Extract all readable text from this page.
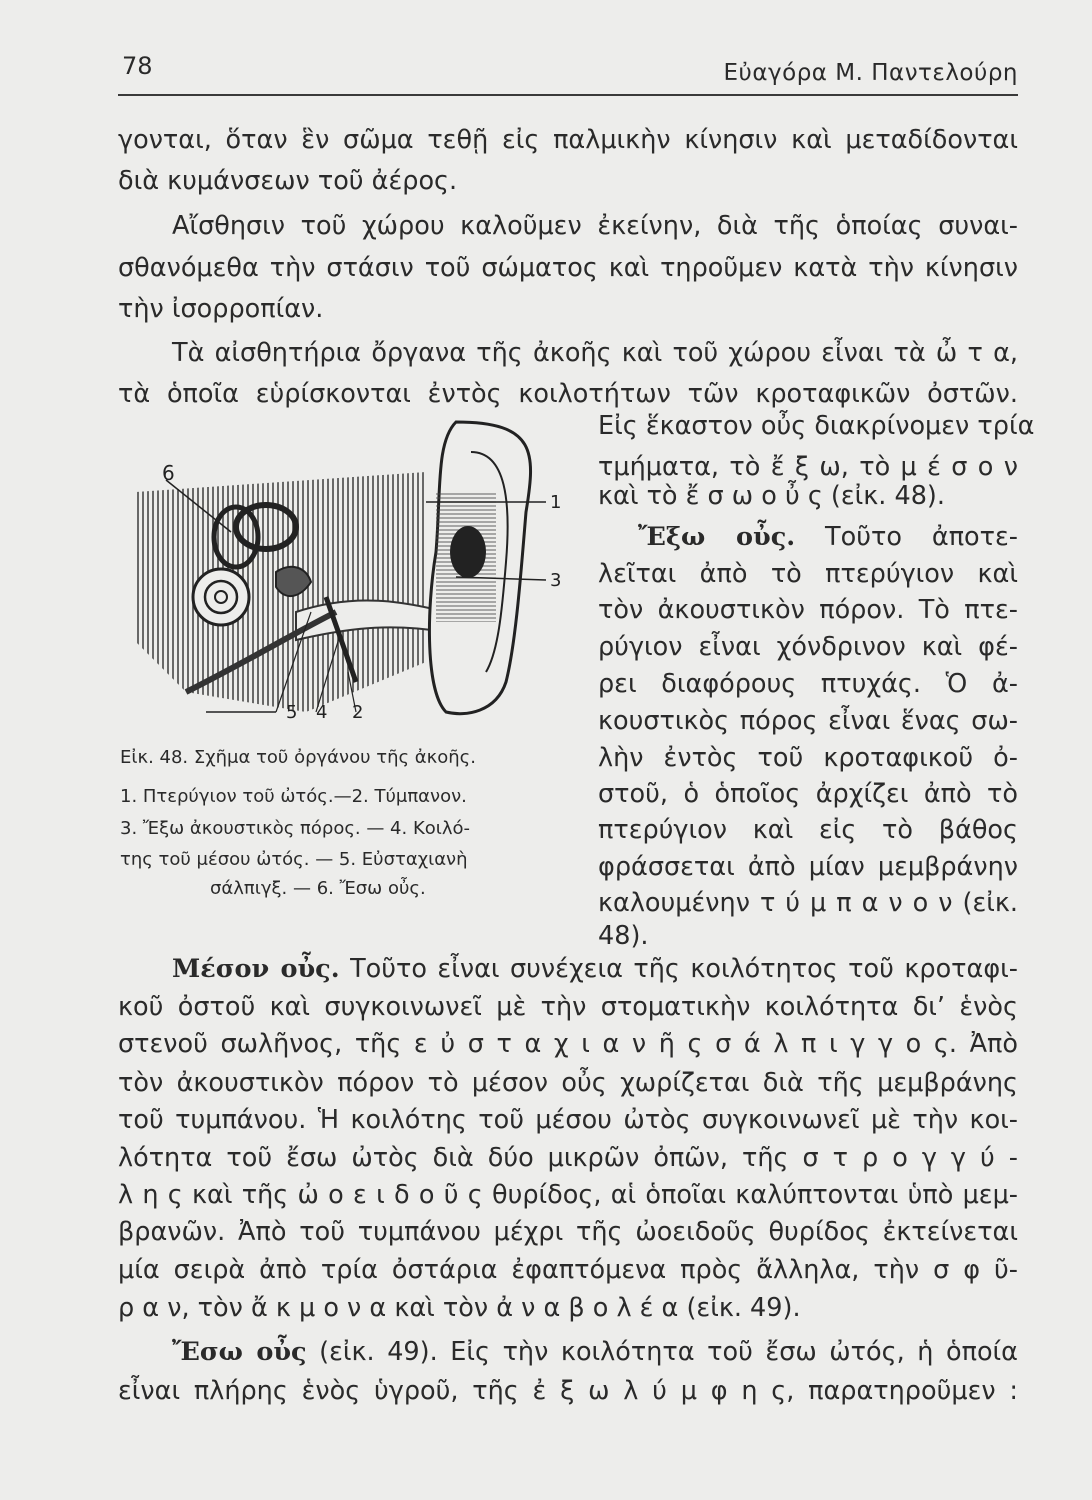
78	Εὐαγόρα Μ. Παντελούρη
γονται, ὅταν ἓν σῶμα τεθῇ εἰς παλμικὴν κίνησιν καὶ μεταδίδονται
διὰ κυμάνσεων τοῦ ἀέρος.
Αἴσθησιν τοῦ χώρου καλοῦμεν ἐκείνην, διὰ τῆς ὁποίας συναι-
σθανόμεθα τὴν στάσιν τοῦ σώματος καὶ τηροῦμεν κατὰ τὴν κίνησιν
τὴν ἰσορροπίαν.
Τὰ αἰσθητήρια ὄργανα τῆς ἀκοῆς καὶ τοῦ χώρου εἶναι τὰ ὦ τ α,
τὰ ὁποῖα εὑρίσκονται ἐντὸς κοιλοτήτων τῶν κροταφικῶν ὀστῶν.
Εἰς ἕκαστον οὖς διακρίνομεν τρία
τμήματα, τὸ ἔ ξ ω, τὸ μ έ σ ο ν
καὶ τὸ ἔ σ ω ο ὖ ς (εἰκ. 48).
Ἔξω οὖς. Τοῦτο ἀποτε-
λεῖται ἀπὸ τὸ πτερύγιον καὶ
τὸν ἀκουστικὸν πόρον. Τὸ πτε-
ρύγιον εἶναι χόνδρινον καὶ φέ-
ρει διαφόρους πτυχάς. Ὁ ἀ-
κουστικὸς πόρος εἶναι ἕνας σω-
λὴν ἐντὸς τοῦ κροταφικοῦ ὀ-
στοῦ, ὁ ὁποῖος ἀρχίζει ἀπὸ τὸ
πτερύγιον καὶ εἰς τὸ βάθος
φράσσεται ἀπὸ μίαν μεμβράνην
καλουμένην τ ύ μ π α ν ο ν (εἰκ.
48).
6
1
3
5 4 2
Εἰκ. 48. Σχῆμα τοῦ ὀργάνου τῆς ἀκοῆς.
1. Πτερύγιον τοῦ ὠτός.—2. Τύμπανον.
3. Ἔξω ἀκουστικὸς πόρος. — 4. Κοιλό-
της τοῦ μέσου ὠτός. — 5. Εὐσταχιανὴ
σάλπιγξ. — 6. Ἔσω οὖς.
Μέσον οὖς. Τοῦτο εἶναι συνέχεια τῆς κοιλότητος τοῦ κροταφι-
κοῦ ὀστοῦ καὶ συγκοινωνεῖ μὲ τὴν στοματικὴν κοιλότητα δι’ ἑνὸς
στενοῦ σωλῆνος, τῆς ε ὐ σ τ α χ ι α ν ῆ ς σ ά λ π ι γ γ ο ς. Ἀπὸ
τὸν ἀκουστικὸν πόρον τὸ μέσον οὖς χωρίζεται διὰ τῆς μεμβράνης
τοῦ τυμπάνου. Ἡ κοιλότης τοῦ μέσου ὠτὸς συγκοινωνεῖ μὲ τὴν κοι-
λότητα τοῦ ἔσω ὠτὸς διὰ δύο μικρῶν ὀπῶν, τῆς σ τ ρ ο γ γ ύ -
λ η ς καὶ τῆς ὠ ο ε ι δ ο ῦ ς θυρίδος, αἱ ὁποῖαι καλύπτονται ὑπὸ μεμ-
βρανῶν. Ἀπὸ τοῦ τυμπάνου μέχρι τῆς ὠοειδοῦς θυρίδος ἐκτείνεται
μία σειρὰ ἀπὸ τρία ὀστάρια ἐφαπτόμενα πρὸς ἄλληλα, τὴν σ φ ῦ-
ρ α ν, τὸν ἄ κ μ ο ν α καὶ τὸν ἀ ν α β ο λ έ α (εἰκ. 49).
Ἔσω οὖς (εἰκ. 49). Εἰς τὴν κοιλότητα τοῦ ἔσω ὠτός, ἡ ὁποία
εἶναι πλήρης ἑνὸς ὑγροῦ, τῆς ἐ ξ ω λ ύ μ φ η ς, παρατηροῦμεν :
